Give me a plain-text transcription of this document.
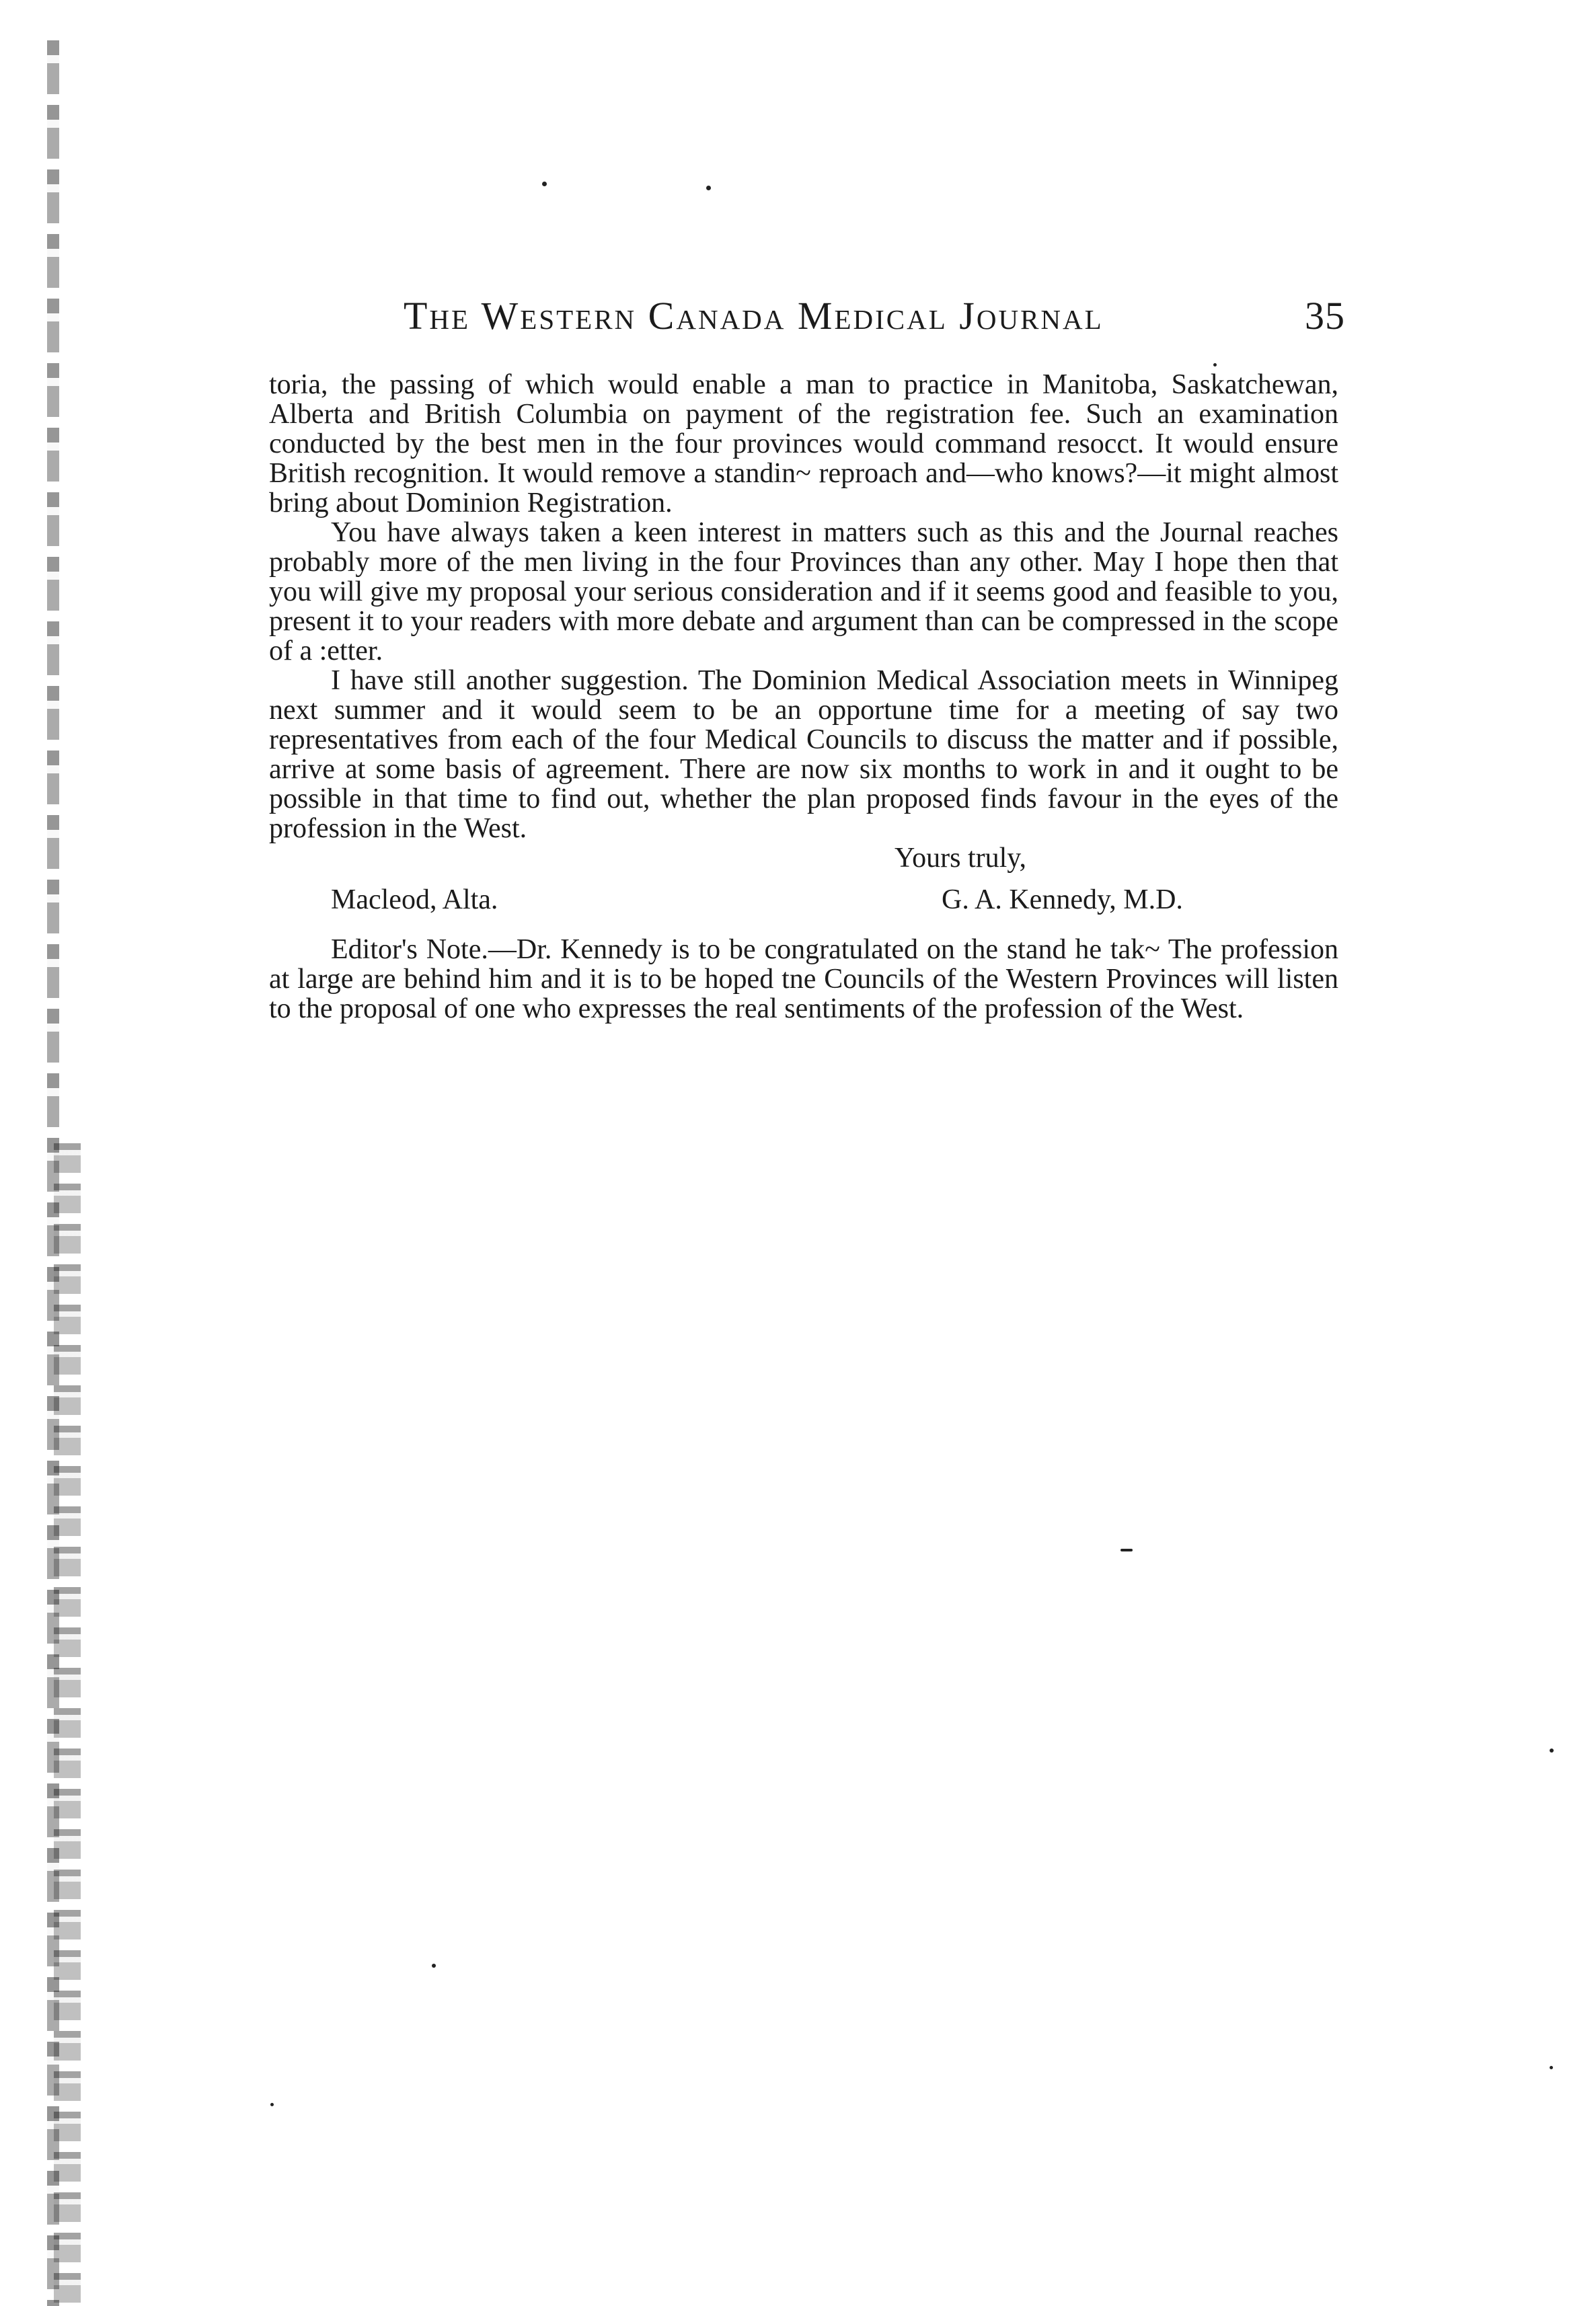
The Western Canada Medical Journal	35

toria, the passing of which would enable a man to practice in Manitoba, Saskatchewan, Alberta and British Columbia on payment of the registration fee. Such an examination conducted by the best men in the four provinces would command resocct. It would ensure British recognition. It would remove a standin~ reproach and—who knows?—it might almost bring about Dominion Registration.

You have always taken a keen interest in matters such as this and the Journal reaches probably more of the men living in the four Provinces than any other. May I hope then that you will give my proposal your serious consideration and if it seems good and feasible to you, present it to your readers with more debate and argument than can be compressed in the scope of a :etter.

I have still another suggestion. The Dominion Medical Association meets in Winnipeg next summer and it would seem to be an opportune time for a meeting of say two representatives from each of the four Medical Councils to discuss the matter and if possible, arrive at some basis of agreement. There are now six months to work in and it ought to be possible in that time to find out, whether the plan proposed finds favour in the eyes of the profession in the West.

Yours truly,
Macleod, Alta.	G. A. Kennedy, M.D.

Editor's Note.—Dr. Kennedy is to be congratulated on the stand he tak~ The profession at large are behind him and it is to be hoped tne Councils of the Western Provinces will listen to the proposal of one who expresses the real sentiments of the profession of the West.
